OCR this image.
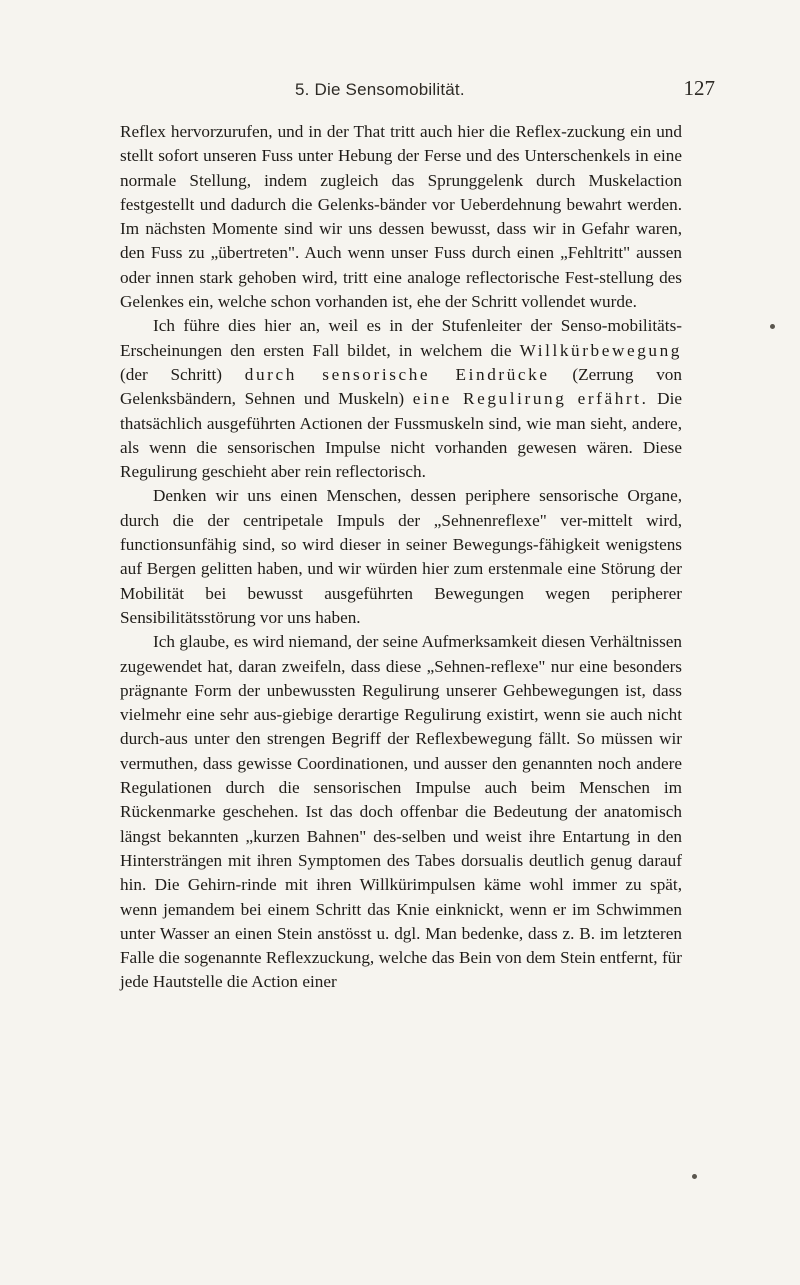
5. Die Sensomobilität.	127

Reflex hervorzurufen, und in der That tritt auch hier die Reflex-zuckung ein und stellt sofort unseren Fuss unter Hebung der Ferse und des Unterschenkels in eine normale Stellung, indem zugleich das Sprunggelenk durch Muskelaction festgestellt und dadurch die Gelenks-bänder vor Ueberdehnung bewahrt werden. Im nächsten Momente sind wir uns dessen bewusst, dass wir in Gefahr waren, den Fuss zu „übertreten". Auch wenn unser Fuss durch einen „Fehltritt" aussen oder innen stark gehoben wird, tritt eine analoge reflectorische Fest-stellung des Gelenkes ein, welche schon vorhanden ist, ehe der Schritt vollendet wurde.

Ich führe dies hier an, weil es in der Stufenleiter der Senso-mobilitäts-Erscheinungen den ersten Fall bildet, in welchem die Willkürbewegung (der Schritt) durch sensorische Eindrücke (Zerrung von Gelenksbändern, Sehnen und Muskeln) eine Regulirung erfährt. Die thatsächlich ausgeführten Actionen der Fussmuskeln sind, wie man sieht, andere, als wenn die sensorischen Impulse nicht vorhanden gewesen wären. Diese Regulirung geschieht aber rein reflectorisch.

Denken wir uns einen Menschen, dessen periphere sensorische Organe, durch die der centripetale Impuls der „Sehnenreflexe" ver-mittelt wird, functionsunfähig sind, so wird dieser in seiner Bewegungs-fähigkeit wenigstens auf Bergen gelitten haben, und wir würden hier zum erstenmale eine Störung der Mobilität bei bewusst ausgeführten Bewegungen wegen peripherer Sensibilitätsstörung vor uns haben.

Ich glaube, es wird niemand, der seine Aufmerksamkeit diesen Verhältnissen zugewendet hat, daran zweifeln, dass diese „Sehnen-reflexe" nur eine besonders prägnante Form der unbewussten Regulirung unserer Gehbewegungen ist, dass vielmehr eine sehr aus-giebige derartige Regulirung existirt, wenn sie auch nicht durch-aus unter den strengen Begriff der Reflexbewegung fällt. So müssen wir vermuthen, dass gewisse Coordinationen, und ausser den genannten noch andere Regulationen durch die sensorischen Impulse auch beim Menschen im Rückenmarke geschehen. Ist das doch offenbar die Bedeutung der anatomisch längst bekannten „kurzen Bahnen" des-selben und weist ihre Entartung in den Hintersträngen mit ihren Symptomen des Tabes dorsualis deutlich genug darauf hin. Die Gehirn-rinde mit ihren Willkürimpulsen käme wohl immer zu spät, wenn jemandem bei einem Schritt das Knie einknickt, wenn er im Schwimmen unter Wasser an einen Stein anstösst u. dgl. Man bedenke, dass z. B. im letzteren Falle die sogenannte Reflexzuckung, welche das Bein von dem Stein entfernt, für jede Hautstelle die Action einer
